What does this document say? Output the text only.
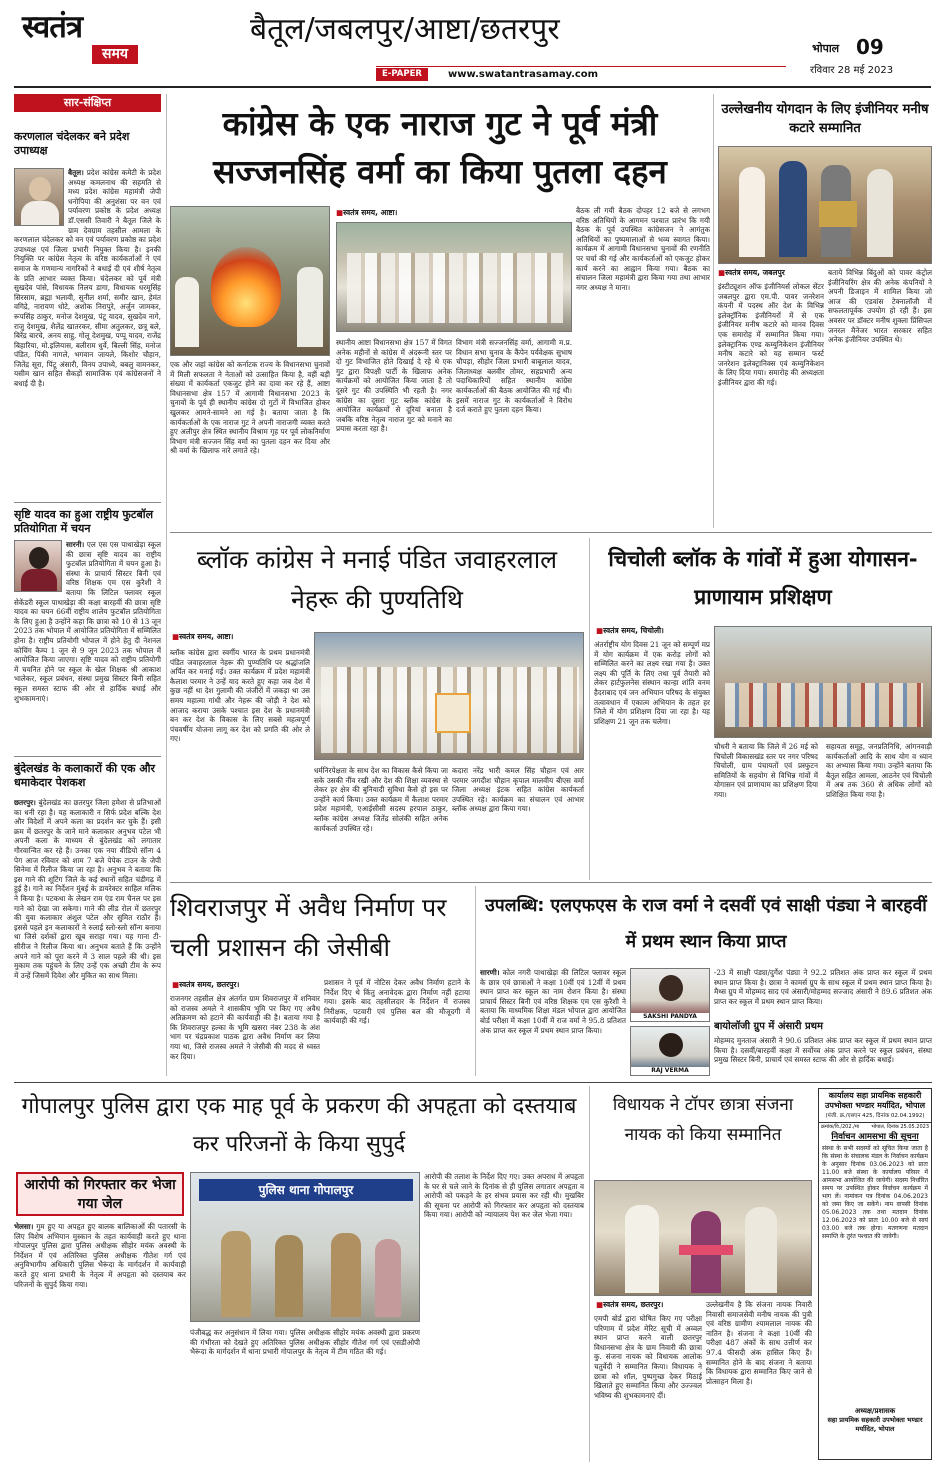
स्वतंत्र
समय
बैतूल/जबलपुर/आष्टा/छतरपुर
E-PAPER	www.swatantrasamay.com
भोपाल 09
रविवार 28 मई 2023
सार-संक्षिप्त
करणलाल चंदेलकर बने प्रदेश उपाध्यक्ष
बैतूल। प्रदेश कांग्रेस कमेटी के प्रदेश अध्यक्ष कमलनाथ की सहमति से मध्य प्रदेश कांग्रेस महामंत्री जेपी धनोपिया की अनुशंसा पर वन एवं पर्यावरण प्रकोष्ठ के प्रदेश अध्यक्ष डॉ.एससी तिवारी ने बैतूल जिले के ग्राम देवग्राम तहसील आमला के करणलाल चंदेलकर को वन एवं पर्यावरण प्रकोष्ठ का प्रदेश उपाध्यक्ष एवं जिला प्रभारी नियुक्त किया है। इनकी नियुक्ति पर कांग्रेस नेतृत्व के वरिष्ठ कार्यकर्ताओं ने एवं समाज के गणमान्य नागरिकों ने बधाई दी एवं शीर्ष नेतृत्व के प्रति आभार व्यक्त किया। चंदेलकर को पूर्व मंत्री सुखदेव पांसे, विधायक निलय डागा, विधायक धरमूसिंह सिरसाम, ब्रह्मा भलावी, सुनील शर्मा, समीर खान, हेमंत वगिद्रे, नारायण धोटे, अशोक निरापुरे, अर्जुन जामकर, रूपसिंह ठाकुर, मनोज देशमुख, पंटू यादव, सुखदेव नागे, राजु देशमुख, शैलेंद्र खातरकर, सीमा अतुलकर, छत्रू बले, बिरेंद्र बारचे, अनय साहु, गोलू देशमुख, पप्पू यादव, राजेंद्र बिहारिया, मो.इलियास, बलीराम धुर्वे, बिल्ली सिंह, मनोज पंडित, पिंकी नागले, भगवान जायले, किशोर चौहान, जितेंद्र सूरा, पिंटू अंसारी, विनय उपाध्ये, बबलु वामनकर, यसीम खान सहित सैकड़ों सामाजिक एवं कांग्रेसजनों ने बधाई दी है।
सृष्टि यादव का हुआ राष्ट्रीय फुटबॉल प्रतियोगिता में चयन
सारनी। एल एस एस पाथाखेड़ा स्कूल की छात्रा सृष्टि यादव का राष्ट्रीय फुटबॉल प्रतियोगिता में चयन हुआ है। संस्था के प्राचार्य सिस्टर बिनी एवं वरिष्ठ शिक्षक एम एस कुरैशी ने बताया कि लिटिल फ्लावर स्कूल सेकेंडरी स्कूल पाथाखेड़ा की कक्षा बारहवीं की छात्रा सृष्टि यादव का चयन 66वीं राष्ट्रीय शालेय फुटबॉल प्रतियोगिता के लिए हुआ है उन्होंने कहा कि छात्रा को 10 से 13 जून 2023 तक भोपाल में आयोजित प्रतियोगिता में सम्मिलित होना है। राष्ट्रीय प्रतियोगी भोपाल में होने हेतु दी नेशनल कोचिंग कैम्प 1 जून से 9 जून 2023 तक भोपाल में आयोजित किया जाएगा। सृष्टि यादव को राष्ट्रीय प्रतियोगी में चयनित होने पर स्कूल के खेल शिक्षक श्री आकाश भालेकर, स्कूल प्रबंधन, संस्था प्रमुख सिस्टर बिनी सहित स्कूल समस्त स्टाफ की ओर से हार्दिक बधाई और शुभकामनाएं।
बुंदेलखंड के कलाकारों की एक और धमाकेदार पेशकश
छतरपुर। बुंदेलखंड का छतरपुर जिला हमेशा से प्रतिभाओं का धनी रहा है। यह कलाकारी न सिर्फ प्रदेश बल्कि देश और विदेशों में अपने कला का प्रदर्शन कर चुके हैं। इसी क्रम में छतरपुर के जाने माने कलाकार अनुभव पटेल भी अपनी कला के माध्यम से बुंदेलखंड को लगातार गौरवान्वित कर रहे हैं। उनका एक नया वीडियो सॉन्ग 4 पेग आज रविवार को शाम 7 बजे पेपेक टाउन के जेपी सिनेमा में रिलीज किया जा रहा है। अनुभव ने बताया कि इस गाने की शूटिंग जिले के कई स्थानों सहित चंडीगढ़ में हुई है। गाने का निर्देशन मुंबई के डायरेक्टर साहिल मलिक ने किया है। पटकथा के लेखन राम एंड राम चैनल पर इस गाने को देखा जा सकेगा। गाने की लीड रोल में छतरपुर की युवा कलाकार अंशुल पटेल और सुमित राठौर हैं। इससे पहले इन कलाकारों ने रुलाई स्लो-स्लो सॉन्ग बनाया था जिसे दर्शकों द्वारा खूब सराहा गया। यह गाना टी-सीरीज ने रिलीज किया था। अनुभव बताते हैं कि उन्होंने अपने गाने को पूरा करने में 3 साल पहले की थी। इस मुकाम तक पहुंचने के लिए उन्हें एक अच्छी टीम के रूप में उन्हें जिसमें दिवेश और मुकित का साथ मिला।
कांग्रेस के एक नाराज गुट ने पूर्व मंत्री सज्जनसिंह वर्मा का किया पुतला दहन
■ स्वतंत्र समय, आष्टा।
एक और जहां कांग्रेस को कर्नाटक राज्य के विधानसभा चुनावों में मिली सफलता ने नेताओं को उत्साहित किया है, वहीं बड़ी संख्या में कार्यकर्ता एकजुट होने का दावा कर रहे हैं, आष्टा विधानसभा क्षेत्र 157 में आगामी विधानसभा 2023 के चुनावों के पूर्व ही स्थानीय कांग्रेस दो गुटों में विभाजित होकर खुलकर आमने-सामने आ गई है। बताया जाता है कि कार्यकर्ताओं के एक नाराज गुट ने अपनी नाराजगी व्यक्त करते हुए अलीपुर क्षेत्र स्थित स्थानीय विश्राम गृह पर पूर्व लोकनिर्माण विभाग मंत्री सज्जन सिंह वर्मा का पुतला दहन कर दिया और श्री वर्मा के खिलाफ नारे लगाते रहे।
स्थानीय आष्टा विधानसभा क्षेत्र 157 में विगत अनेक महीनों से कांग्रेस में अंदरूनी स्तर पर दो गुट विभाजित होते दिखाई दे रहे थे एक गुट द्वारा विपक्षी पार्टी के खिलाफ अनेक कार्यक्रमों को आयोजित किया जाता है तो दूसरे गुट की उपस्थिति भी रहती है। नगर कांग्रेस का दूसरा गुट ब्लॉक कांग्रेस के आयोजित कार्यक्रमों से दूरियां बनाता है जबकि वरिष्ठ नेतृत्व नाराज गुट को मनाने का प्रयास करता रहा है।
विभाग मंत्री सज्जनसिंह वर्मा, आगामी म.प्र. विधान सभा चुनाव के कैंपेन पर्यवेक्षक सुभाष चौपड़ा, सीहोर जिला प्रभारी बाबूलाल यादव, जिलाध्यक्ष बलवीर तोमर, सहप्रभारी अन्य पदाधिकारियों सहित स्थानीय कांग्रेस कार्यकर्ताओं की बैठक आयोजित की गई थी। इसमें नाराज गुट के कार्यकर्ताओं ने विरोध दर्ज कराते हुए पुतला दहन किया।
बैठक ली गयी बैठक दोपहर 12 बजे से लगभग वरिष्ठ अतिथियों के आगमन पश्चात प्रारंभ कि गयी बैठक के पूर्व उपस्थित कांग्रेसजन ने आगंतुक अतिथियों का पुष्पमालाओं से भव्य स्वागत किया। कार्यक्रम में आगामी विधानसभा चुनावों की रणनीति पर चर्चा की गई और कार्यकर्ताओं को एकजुट होकर कार्य करने का आह्वान किया गया। बैठक का संचालन जिला महामंत्री द्वारा किया गया तथा आभार नगर अध्यक्ष ने माना।
उल्लेखनीय योगदान के लिए इंजीनियर मनीष कटारे सम्मानित
■ स्वतंत्र समय, जबलपुर
इंस्टीट्यूशन ऑफ इंजीनियर्स लोकल सेंटर जबलपुर द्वारा एम.पी. पावर जनरेशन कंपनी में पदस्थ ऑर देश के विभिन्न इलेक्ट्रॉनिक इंजीनियरों में से एक इंजीनियर मनीष कटारे को मानव दिवस एक समारोह में सम्मानित किया गया। इलेक्ट्रानिक एण्ड कम्युनिकेशन इंजीनियर मनीष कटारे को यह सम्मान फर्स्ट जनरेशन इलेक्ट्रानिक्स एवं कम्युनिकेशन के लिए दिया गया। समारोह की अध्यक्षता इंजीनियर द्वारा की गई।
बताये विभिन्न बिंदुओं को पावर कंट्रोल इंजीनियरिंग क्षेत्र की अनेक कंपनियों ने अपनी डिजाइन में शामिल किया जो आज की एडवांस टेक्नालॉजी में सफलतापूर्वक उपयोग हो रही हैं। इस अवसर पर डॉक्टर मनीष शुक्ला प्रिंसिपल जनरल मैनेजर भारत सरकार सहित अनेक इंजीनियर उपस्थित थे।
ब्लॉक कांग्रेस ने मनाई पंडित जवाहरलाल नेहरू की पुण्यतिथि
■ स्वतंत्र समय, आष्टा।
ब्लॉक कांग्रेस द्वारा स्वर्गीय भारत के प्रथम प्रधानमंत्री पंडित जवाहरलाल नेहरू की पुण्यतिथि पर श्रद्धांजलि अर्पित कर मनाई गई। उक्त कार्यक्रम में प्रदेश महामंत्री कैलाश परमार ने उन्हें याद करते हुए कहा जब देश में कुछ नहीं था देश गुलामी की जंजीरों में जकड़ा था उस समय महात्मा गांधी और नेहरू की जोड़ी ने देश को आजाद कराया उसके पश्चात इस देश के प्रधानमंत्री बन कर देश के विकास के लिए सबसे महत्वपूर्ण पंचवर्षीय योजना लागू कर देश को प्रगति की ओर ले गए।
धर्मनिरपेक्षता के साथ देश का विकास कैसे किया जा सके उसकी नींव रखी और देश की शिक्षा व्यवस्था से लेकर हर क्षेत्र की बुनियादी सुविधा कैसे हो इस पर उन्होंने कार्य किया। उक्त कार्यक्रम में कैलाश परमार प्रदेश महामंत्री, एआईसीसी सदस्य हरपाल ठाकुर, ब्लॉक कांग्रेस अध्यक्ष जितेंद्र सोलंकी सहित अनेक कार्यकर्ता उपस्थित रहे।
कदारा नरेंद्र भारी कमल सिंह चौहान एवं आर परमार जगदीश चौहान कृपाल मालवीय बीएस वर्मा जिला अध्यक्ष इंटक सहित कांग्रेस कार्यकर्ता उपस्थित रहे। कार्यक्रम का संचालन एवं आभार ब्लॉक अध्यक्ष द्वारा किया गया।
चिचोली ब्लॉक के गांवों में हुआ योगासन-प्राणायाम प्रशिक्षण
■ स्वतंत्र समय, चिचोली।
अंतर्राष्ट्रीय योग दिवस 21 जून को सम्पूर्ण मप्र में योग कार्यक्रम में एक करोड़ लोगों को सम्मिलित करने का लक्ष्य रखा गया है। उक्त लक्ष्य की पूर्ति के लिए तथा पूर्व तैयारी को लेकर हार्टफुलनेस संस्थान कान्हा शांति वनम हैदराबाद एवं जन अभियान परिषद के संयुक्त तत्वावधान में एकात्म अभियान के तहत हर जिले में योग प्रशिक्षण दिया जा रहा है। यह प्रशिक्षण 21 जून तक चलेगा।
चौधरी ने बताया कि जिले में 26 मई को चिचोली विकासखंड स्तर पर नगर परिषद चिचोली, ग्राम पंचायतों एवं प्रस्फुटन समितियों के सहयोग से विभिन्न गांवों में योगासन एवं प्राणायाम का प्रशिक्षण दिया गया।
सहायता समूह, जनप्रतिनिधि, आंगनवाड़ी कार्यकर्ताओं आदि के साथ योग व ध्यान का अभ्यास किया गया। उन्होंने बताया कि बैतूल सहित आमला, आठनेर एवं चिचोली में अब तक 360 से अधिक लोगों को प्रशिक्षित किया गया है।
शिवराजपुर में अवैध निर्माण पर चली प्रशासन की जेसीबी
■ स्वतंत्र समय, छतरपुर।
राजनगर तहसील क्षेत्र अंतर्गत ग्राम शिवराजपुर में शनिवार को राजस्व अमले ने शासकीय भूमि पर किए गए अवैध अतिक्रमण को हटाने की कार्यवाही की है। बताया गया है कि शिवराजपुर हल्का के भूमि खसरा नंबर 238 के अंश भाग पर चंद्रप्रकाश पाठक द्वारा अवैध निर्माण कर लिया गया था, जिसे राजस्व अमले ने जेसीबी की मदद से ध्वस्त कर दिया।
प्रशासन ने पूर्व में नोटिस देकर अवैध निर्माण हटाने के निर्देश दिए थे किंतु अनावेदक द्वारा निर्माण नहीं हटाया गया। इसके बाद तहसीलदार के निर्देशन में राजस्व निरीक्षक, पटवारी एवं पुलिस बल की मौजूदगी में कार्यवाही की गई।
उपलब्धि: एलएफएस के राज वर्मा ने दसवीं एवं साक्षी पंड्या ने बारहवीं में प्रथम स्थान किया प्राप्त
सारणी। कोल नगरी पाथाखेड़ा की लिटिल फ्लावर स्कूल के छात्र एवं छात्राओं ने कक्षा 10वीं एवं 12वीं में प्रथम स्थान प्राप्त कर स्कूल का नाम रोशन किया है। संस्था प्राचार्य सिस्टर बिनी एवं वरिष्ठ शिक्षक एम एस कुरैशी ने बताया कि माध्यमिक शिक्षा मंडल भोपाल द्वारा आयोजित बोर्ड परीक्षा में कक्षा 10वीं में राज वर्मा ने 95.8 प्रतिशत अंक प्राप्त कर स्कूल में प्रथम स्थान प्राप्त किया।
SAKSHI PANDYA
RAJ VERMA
-23 में साक्षी पंड्या/दुर्गेश पंड्या ने 92.2 प्रतिशत अंक प्राप्त कर स्कूल में प्रथम स्थान प्राप्त किया है। छात्रा ने कामर्स ग्रुप के साथ स्कूल में प्रथम स्थान प्राप्त किया है। मैथ्स ग्रुप में मोहम्मद साद एवं अंसारी/मोहम्मद सज्जाद अंसारी ने 89.6 प्रतिशत अंक प्राप्त कर स्कूल में प्रथम स्थान प्राप्त किया।
बायोलॉजी ग्रुप में अंसारी प्रथम
मोहम्मद मुनताज अंसारी ने 90.6 प्रतिशत अंक प्राप्त कर स्कूल में प्रथम स्थान प्राप्त किया है। दसवीं/बारहवीं कक्षा में सर्वोच्च अंक प्राप्त करने पर स्कूल प्रबंधन, संस्था प्रमुख सिस्टर बिनी, प्राचार्य एवं समस्त स्टाफ की ओर से हार्दिक बधाई।
गोपालपुर पुलिस द्वारा एक माह पूर्व के प्रकरण की अपहृता को दस्तयाब कर परिजनों के किया सुपुर्द
आरोपी को गिरफ्तार कर भेजा गया जेल
भेलसा। गुम हुए या अपहृत हुए बालक बालिकाओं की पतारसी के लिए विशेष अभियान मुस्कान के तहत कार्यवाही करते हुए थाना गोपालपुर पुलिस द्वारा पुलिस अधीक्षक सीहोर मयंक अवस्थी के निर्देशन में एवं अतिरिक्त पुलिस अधीक्षक गीतेश गर्ग एवं अनुविभागीय अधिकारी पुलिस भैरूंदा के मार्गदर्शन में कार्यवाही करते हुए थाना प्रभारी के नेतृत्व में अपहृता को दस्तयाब कर परिजनों के सुपुर्द किया गया।
पुलिस थाना गोपालपुर
पंजीबद्ध कर अनुसंधान में लिया गया। पुलिस अधीक्षक सीहोर मयंक अवस्थी द्वारा प्रकरण की गंभीरता को देखते हुए अतिरिक्त पुलिस अधीक्षक सीहोर गीतेश गर्ग एवं एसडीओपी भैरूंदा के मार्गदर्शन में थाना प्रभारी गोपालपुर के नेतृत्व में टीम गठित की गई।
आरोपी की तलाश के निर्देश दिए गए। उक्त अपराध में अपहृता के घर से चले जाने के दिनांक से ही पुलिस लगातार अपहृता व आरोपी को पकड़ने के हर संभव प्रयास कर रही थी। मुखबिर की सूचना पर आरोपी को गिरफ्तार कर अपहृता को दस्तयाब किया गया। आरोपी को न्यायालय पेश कर जेल भेजा गया।
विधायक ने टॉपर छात्रा संजना नायक को किया सम्मानित
■ स्वतंत्र समय, छतरपुर।
एमपी बोर्ड द्वारा घोषित किए गए परीक्षा परिणाम में प्रदेश मेरिट सूची में अव्वल स्थान प्राप्त करने वाली छतरपुर विधानसभा क्षेत्र के ग्राम निवारी की छात्रा कु. संजना नायक को विधायक आलोक चतुर्वेदी ने सम्मानित किया। विधायक ने छात्रा को शॉल, पुष्पगुच्छ देकर मिठाई खिलाते हुए सम्मानित किया और उज्ज्वल भविष्य की शुभकामनाएं दीं।
उल्लेखनीय है कि संजना नायक निवारी निवासी समाजसेवी मनीष नायक की पुत्री एवं वरिष्ठ ग्रामीण श्यामलाल नायक की नातिन है। संजना ने कक्षा 10वीं की परीक्षा 487 अंकों के साथ उत्तीर्ण कर 97.4 फीसदी अंक हासिल किए हैं। सम्मानित होने के बाद संजना ने बताया कि विधायक द्वारा सम्मानित किए जाने से प्रोत्साहन मिला है।
कार्यालय सहा प्रायमिक सहकारी उपभोक्ता भण्डार मर्यादित, भोपाल
(पंजी. क्र./एसएन 425, दिनांक 02.04.1992)
क्रमांक/वि./202./मा भोपाल, दिनांक 25.05.2023
निर्वाचन आमसभा की सूचना
संस्था के सभी सदस्यों को सूचित किया जाता है कि संस्था के संचालक मंडल के निर्वाचन कार्यक्रम के अनुसार दिनांक 03.06.2023 को प्रातः 11.00 बजे संस्था के कार्यालय परिसर में आमसभा आयोजित की जायेगी। सदस्य निर्धारित समय पर उपस्थित होकर निर्वाचन कार्यक्रम में भाग लें। नामांकन पत्र दिनांक 04.06.2023 को जमा किए जा सकेंगे। नाम वापसी दिनांक 05.06.2023 तक तथा मतदान दिनांक 12.06.2023 को प्रातः 10.00 बजे से सायं 03.00 बजे तक होगा। मतगणना मतदान समाप्ति के तुरंत पश्चात की जावेगी।
अध्यक्ष/प्रशासक
सहा प्रायमिक सहकारी उपभोक्ता भण्डार मर्यादित, भोपाल
